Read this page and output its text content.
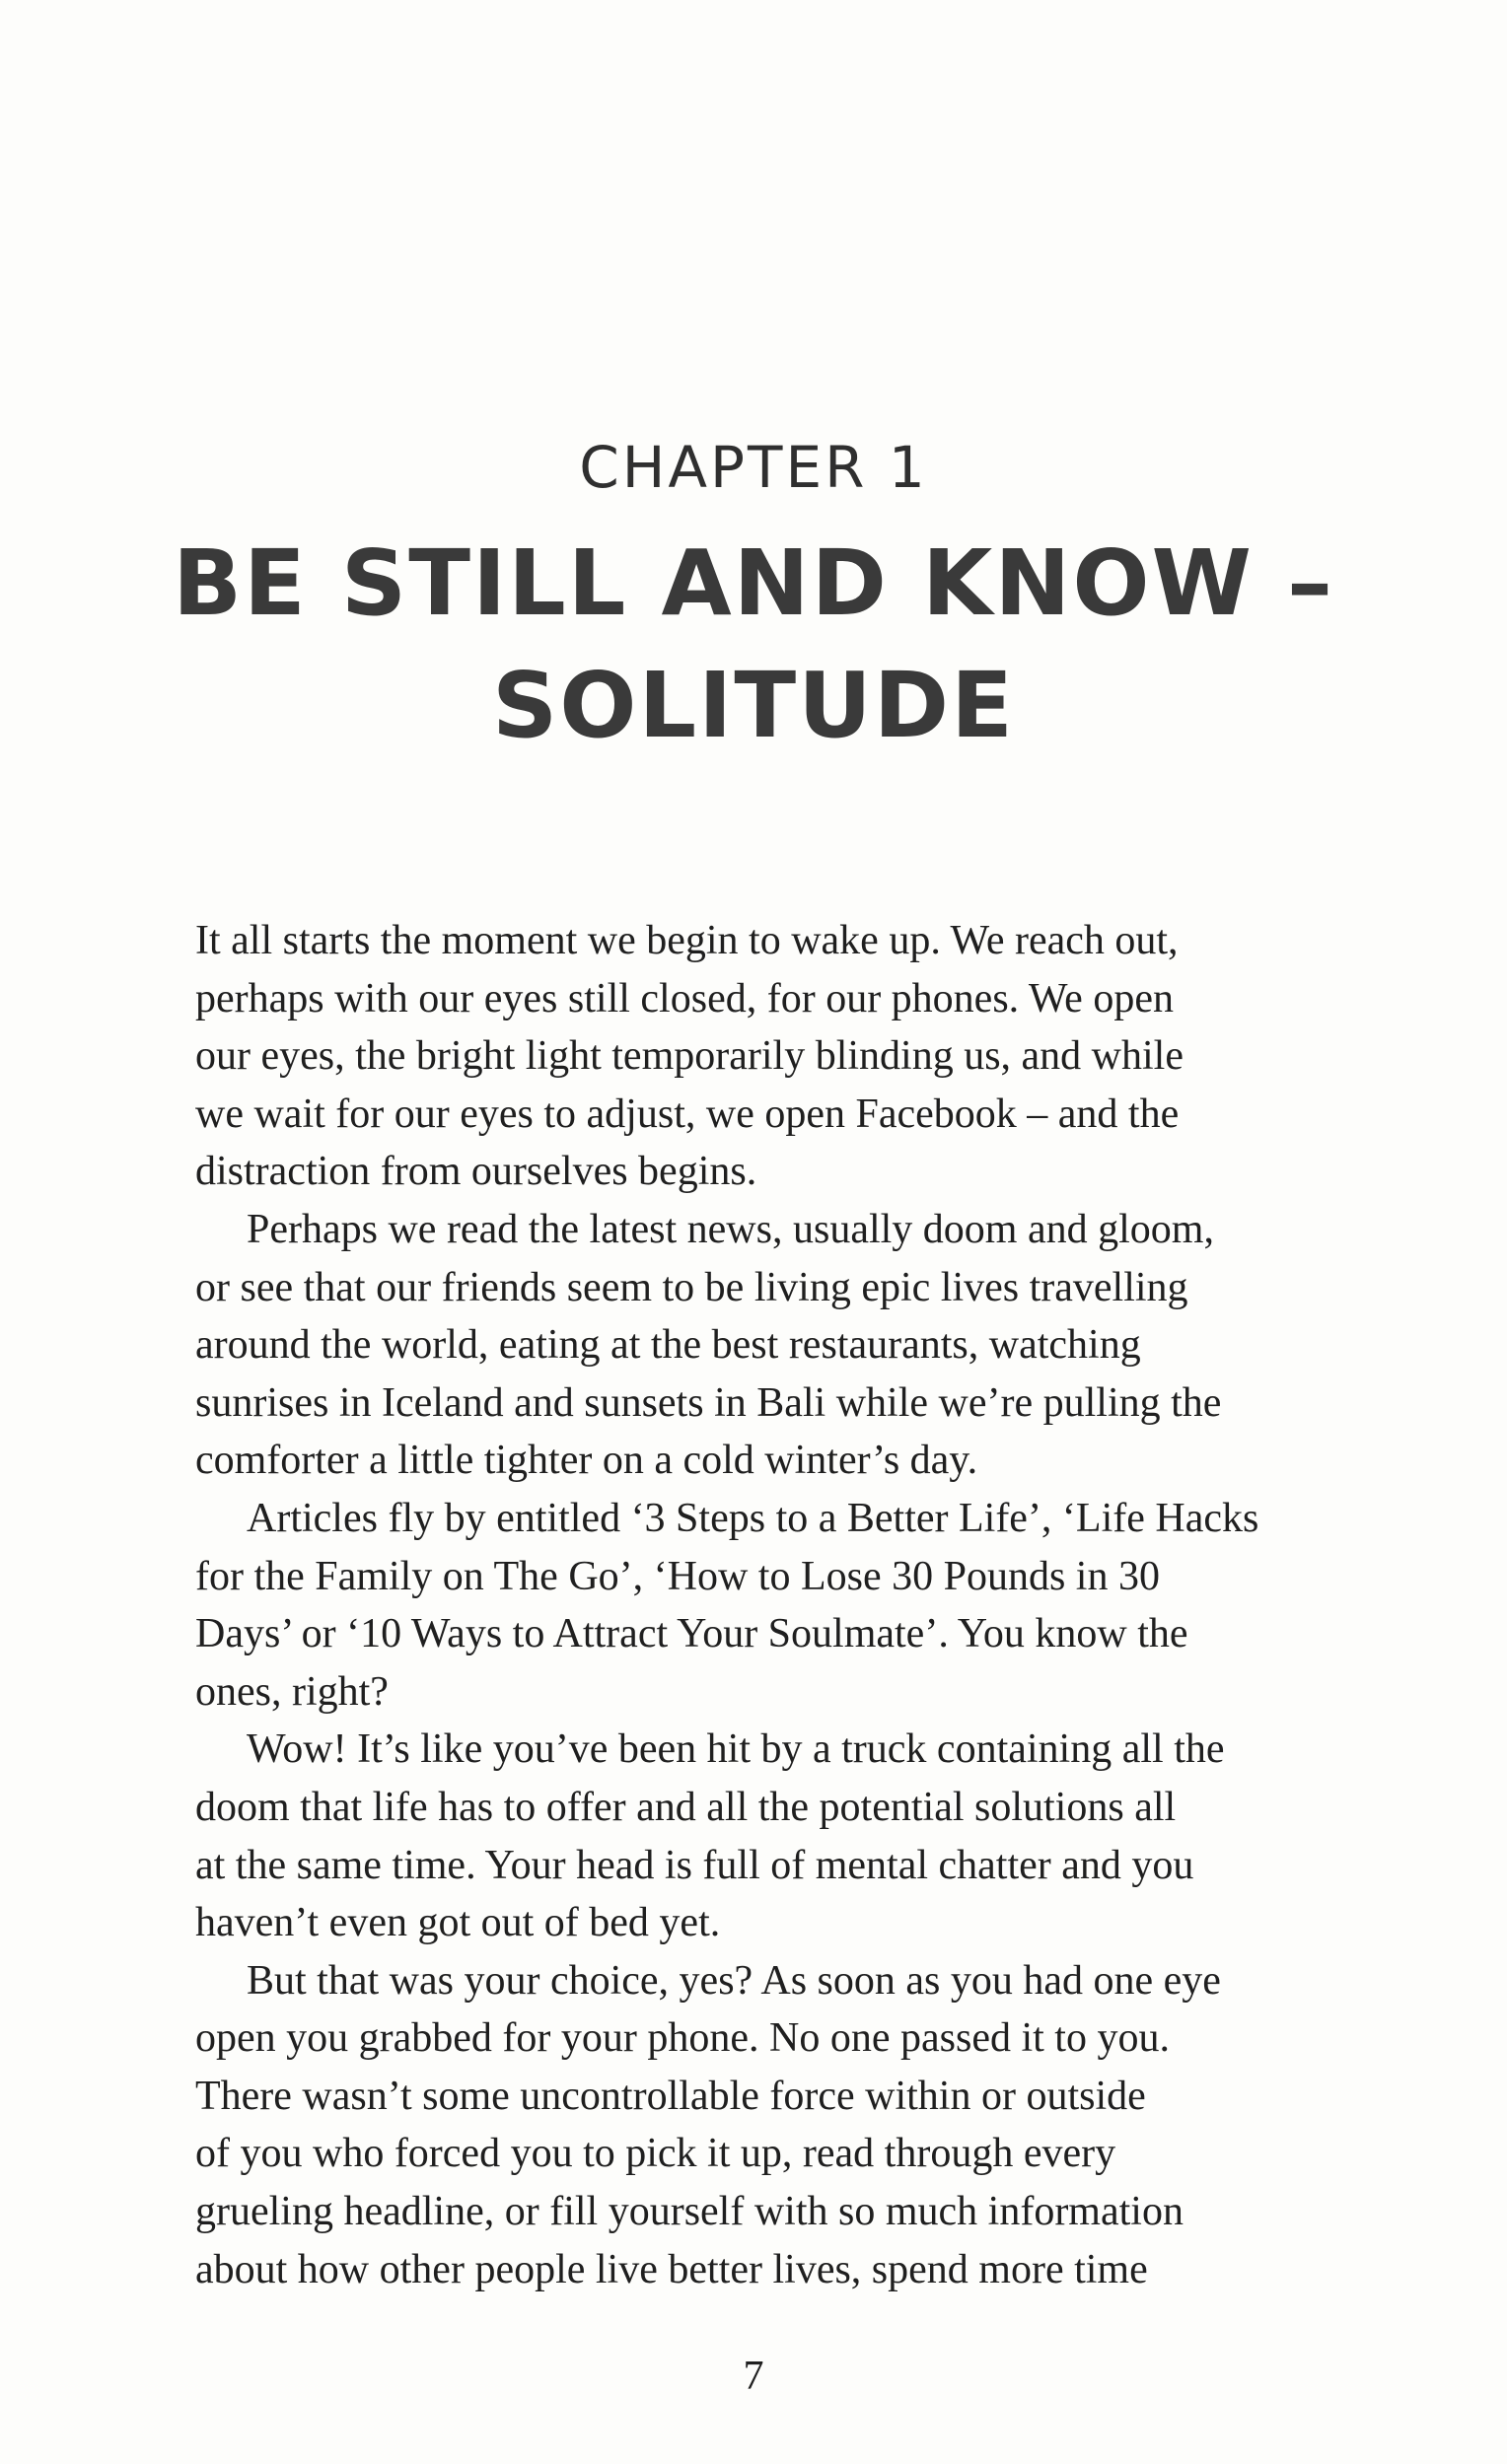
CHAPTER 1
BE STILL AND KNOW –
SOLITUDE
It all starts the moment we begin to wake up. We reach out,
perhaps with our eyes still closed, for our phones. We open
our eyes, the bright light temporarily blinding us, and while
we wait for our eyes to adjust, we open Facebook – and the
distraction from ourselves begins.
Perhaps we read the latest news, usually doom and gloom,
or see that our friends seem to be living epic lives travelling
around the world, eating at the best restaurants, watching
sunrises in Iceland and sunsets in Bali while we’re pulling the
comforter a little tighter on a cold winter’s day.
Articles fly by entitled ‘3 Steps to a Better Life’, ‘Life Hacks
for the Family on The Go’, ‘How to Lose 30 Pounds in 30
Days’ or ‘10 Ways to Attract Your Soulmate’. You know the
ones, right?
Wow! It’s like you’ve been hit by a truck containing all the
doom that life has to offer and all the potential solutions all
at the same time. Your head is full of mental chatter and you
haven’t even got out of bed yet.
But that was your choice, yes? As soon as you had one eye
open you grabbed for your phone. No one passed it to you.
There wasn’t some uncontrollable force within or outside
of you who forced you to pick it up, read through every
grueling headline, or fill yourself with so much information
about how other people live better lives, spend more time
7
